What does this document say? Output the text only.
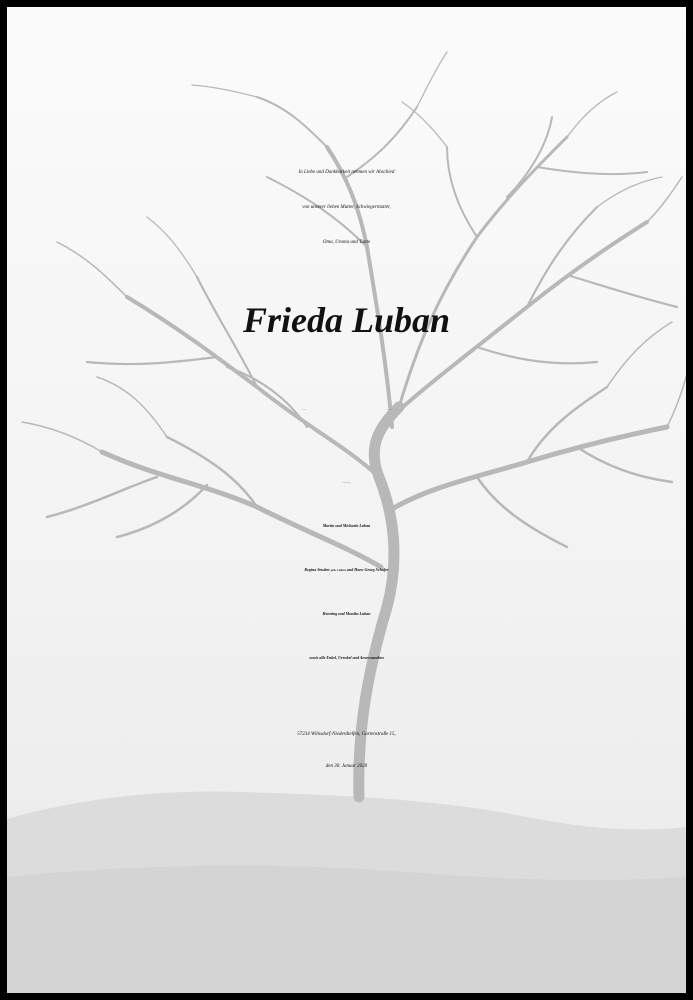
In Liebe und Dankbarkeit nehmen wir Abschied
von unserer lieben Mutter, Schwiegermutter,
Oma, Uroma und Tante
Frieda Luban
* 7. 5. 1936	† 27. 1. 2020
In stillem Gedenken:
Martin und Michaela Luban
Regina Steuber geb. Luban und Hans-Georg Schäfer
Henning und Monika Luban
sowie alle Enkel, Urenkel und Anverwandten
57234 Wilnsdorf-Niederdielfen, Gartenstraße 15,
den 30. Januar 2020
